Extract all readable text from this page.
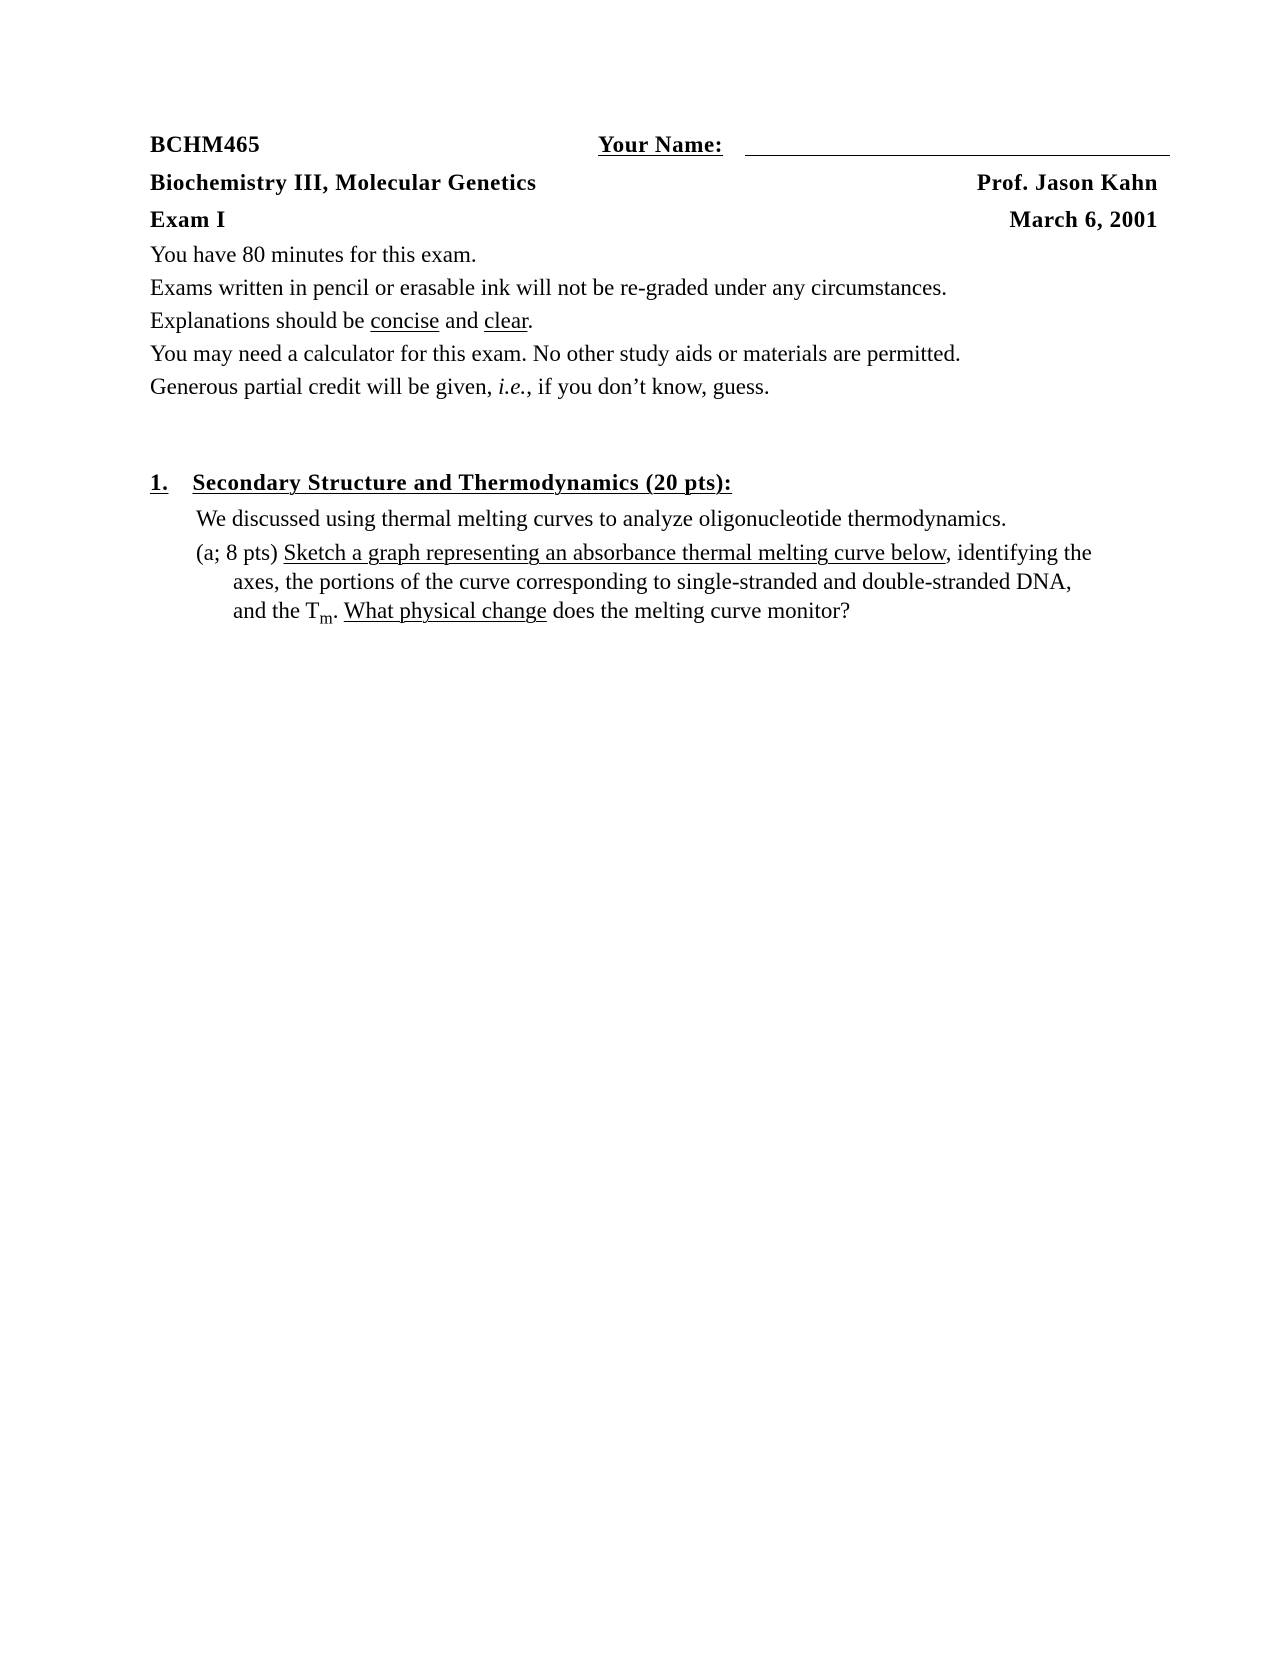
BCHM465	Your Name:
Biochemistry III, Molecular Genetics	Prof. Jason Kahn
Exam I	March 6, 2001
You have 80 minutes for this exam.
Exams written in pencil or erasable ink will not be re-graded under any circumstances.
Explanations should be concise and clear.
You may need a calculator for this exam. No other study aids or materials are permitted.
Generous partial credit will be given, i.e., if you don’t know, guess.
1. Secondary Structure and Thermodynamics (20 pts):
We discussed using thermal melting curves to analyze oligonucleotide thermodynamics.
(a; 8 pts) Sketch a graph representing an absorbance thermal melting curve below, identifying the
axes, the portions of the curve corresponding to single-stranded and double-stranded DNA,
and the $T_m$. What physical change does the melting curve monitor?
